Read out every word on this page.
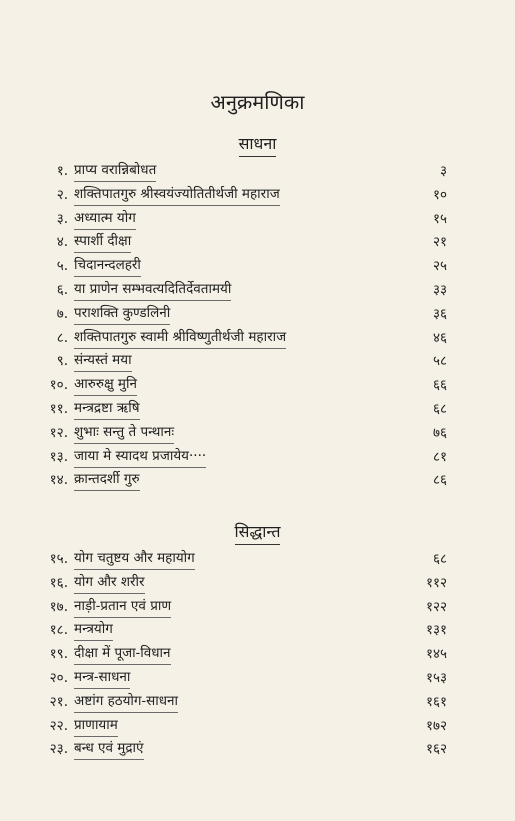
अनुक्रमणिका
साधना
१. प्राप्य वरान्निबोधत	३
२. शक्तिपातगुरु श्रीस्वयंज्योतितीर्थजी महाराज	१०
३. अध्यात्म योग	१५
४. स्पार्शी दीक्षा	२१
५. चिदानन्दलहरी	२५
६. या प्राणेन सम्भवत्यदितिर्देवतामयी	३३
७. पराशक्ति कुण्डलिनी	३६
८. शक्तिपातगुरु स्वामी श्रीविष्णुतीर्थजी महाराज	४६
९. संन्यस्तं मया	५८
१०. आरुरुक्षु मुनि	६६
११. मन्त्रद्रष्टा ऋषि	६८
१२. शुभाः सन्तु ते पन्थानः	७६
१३. जाया मे स्यादथ प्रजायेय····	८१
१४. क्रान्तदर्शी गुरु	८६
सिद्धान्त
१५. योग चतुष्टय और महायोग	६८
१६. योग और शरीर	११२
१७. नाड़ी-प्रतान एवं प्राण	१२२
१८. मन्त्रयोग	१३१
१९. दीक्षा में पूजा-विधान	१४५
२०. मन्त्र-साधना	१५३
२१. अष्टांग हठयोग-साधना	१६१
२२. प्राणायाम	१७२
२३. बन्ध एवं मुद्राएं	१६२
